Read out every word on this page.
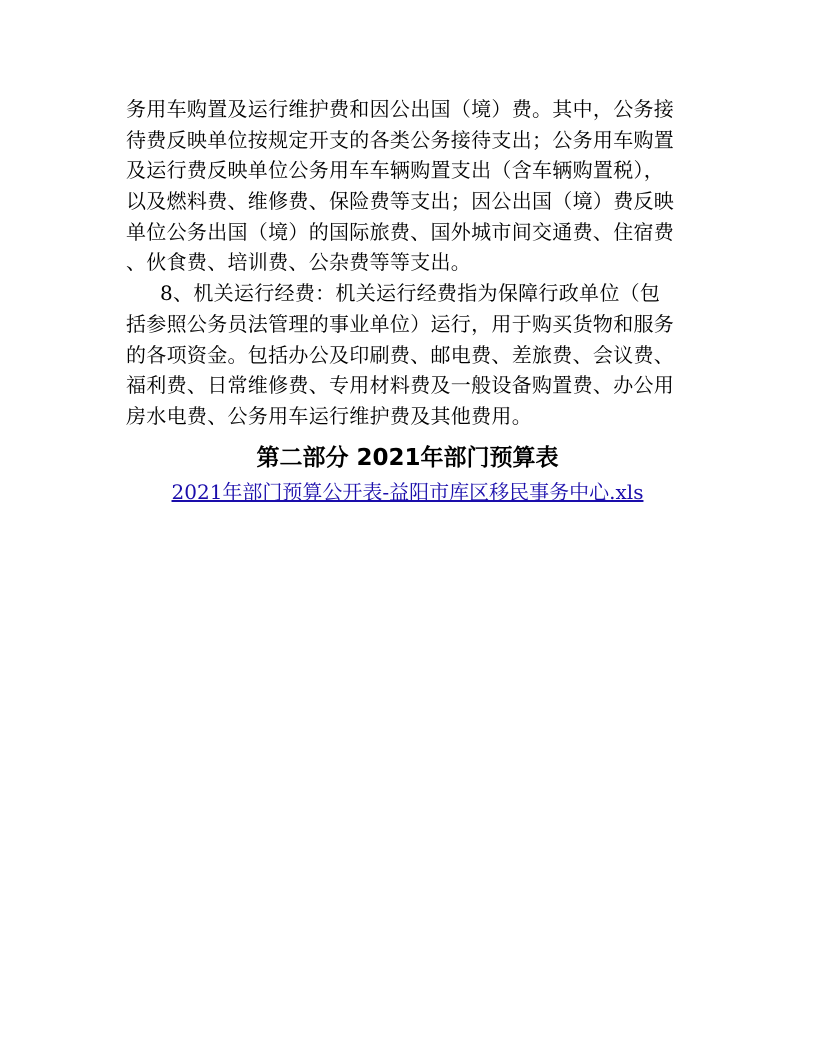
务用车购置及运行维护费和因公出国（境）费。其中，公务接
待费反映单位按规定开支的各类公务接待支出；公务用车购置
及运行费反映单位公务用车车辆购置支出（含车辆购置税），
以及燃料费、维修费、保险费等支出；因公出国（境）费反映
单位公务出国（境）的国际旅费、国外城市间交通费、住宿费
、伙食费、培训费、公杂费等等支出。
8、机关运行经费：机关运行经费指为保障行政单位（包
括参照公务员法管理的事业单位）运行，用于购买货物和服务
的各项资金。包括办公及印刷费、邮电费、差旅费、会议费、
福利费、日常维修费、专用材料费及一般设备购置费、办公用
房水电费、公务用车运行维护费及其他费用。
第二部分 2021年部门预算表
2021年部门预算公开表-益阳市库区移民事务中心.xls
